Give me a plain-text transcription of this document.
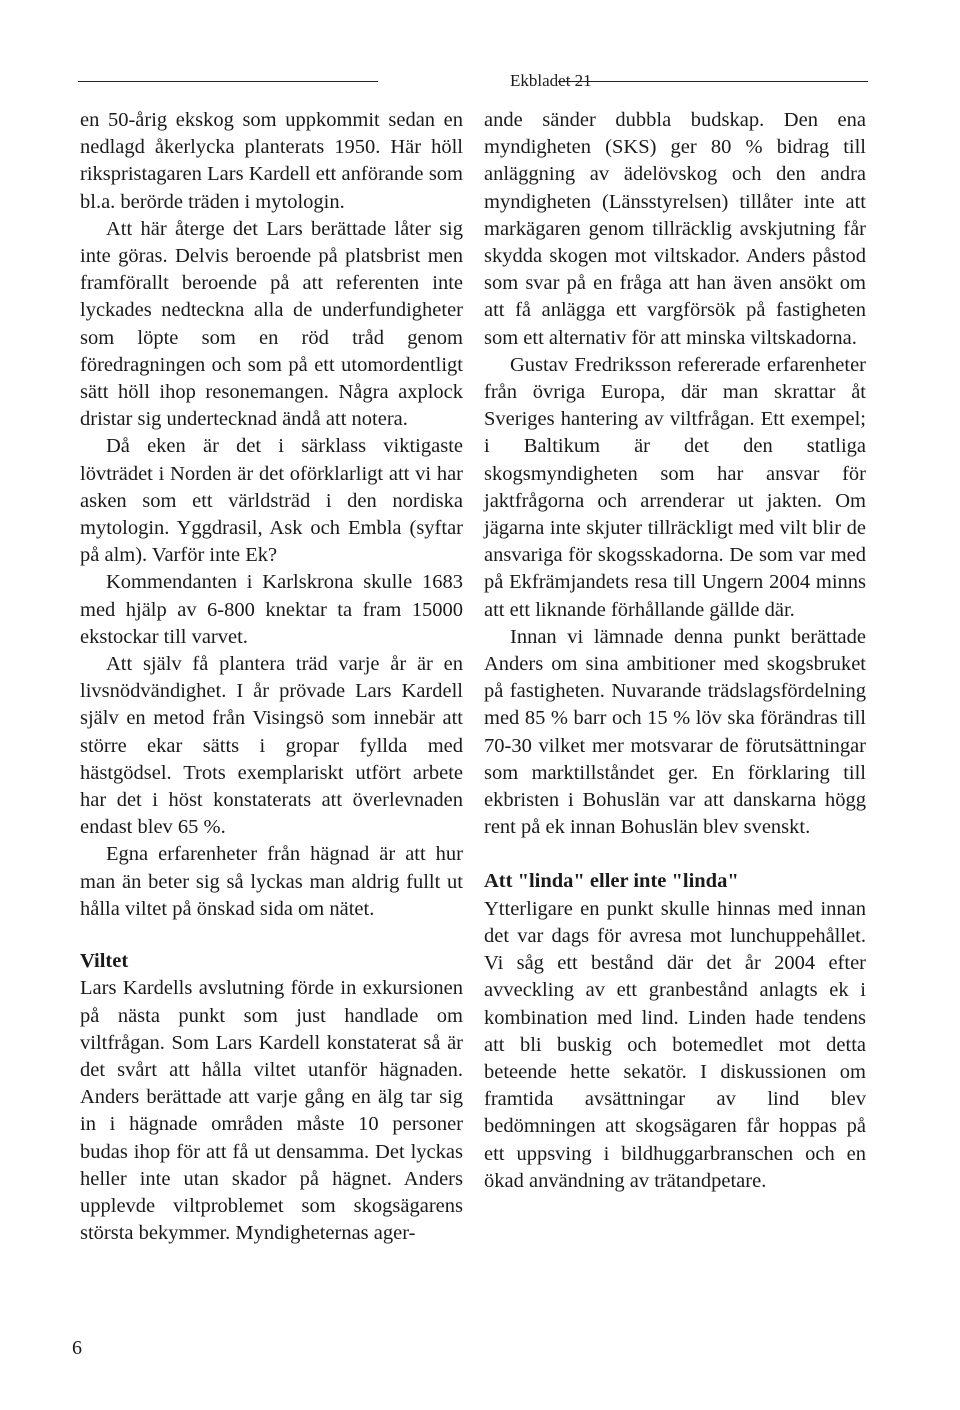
Ekbladet 21

en 50-årig ekskog som uppkommit sedan en nedlagd åkerlycka planterats 1950. Här höll rikspristagaren Lars Kardell ett anförande som bl.a. berörde träden i mytologin.

Att här återge det Lars berättade låter sig inte göras. Delvis beroende på platsbrist men framförallt beroende på att referenten inte lyckades nedteckna alla de underfundigheter som löpte som en röd tråd genom föredragningen och som på ett utomordentligt sätt höll ihop resonemangen. Några axplock dristar sig undertecknad ändå att notera.

Då eken är det i särklass viktigaste lövträdet i Norden är det oförklarligt att vi har asken som ett världsträd i den nordiska mytologin. Yggdrasil, Ask och Embla (syftar på alm). Varför inte Ek?

Kommendanten i Karlskrona skulle 1683 med hjälp av 6-800 knektar ta fram 15000 ekstockar till varvet.

Att själv få plantera träd varje år är en livsnödvändighet. I år prövade Lars Kardell själv en metod från Visingsö som innebär att större ekar sätts i gropar fyllda med hästgödsel. Trots exemplariskt utfört arbete har det i höst konstaterats att överlevnaden endast blev 65 %.

Egna erfarenheter från hägnad är att hur man än beter sig så lyckas man aldrig fullt ut hålla viltet på önskad sida om nätet.

Viltet

Lars Kardells avslutning förde in exkursionen på nästa punkt som just handlade om viltfrågan. Som Lars Kardell konstaterat så är det svårt att hålla viltet utanför hägnaden. Anders berättade att varje gång en älg tar sig in i hägnade områden måste 10 personer budas ihop för att få ut densamma. Det lyckas heller inte utan skador på hägnet. Anders upplevde viltproblemet som skogsägarens största bekymmer. Myndigheternas ager-

ande sänder dubbla budskap. Den ena myndigheten (SKS) ger 80 % bidrag till anläggning av ädelövskog och den andra myndigheten (Länsstyrelsen) tillåter inte att markägaren genom tillräcklig avskjutning får skydda skogen mot viltskador. Anders påstod som svar på en fråga att han även ansökt om att få anlägga ett vargförsök på fastigheten som ett alternativ för att minska viltskadorna.

Gustav Fredriksson refererade erfarenheter från övriga Europa, där man skrattar åt Sveriges hantering av viltfrågan. Ett exempel; i Baltikum är det den statliga skogsmyndigheten som har ansvar för jaktfrågorna och arrenderar ut jakten. Om jägarna inte skjuter tillräckligt med vilt blir de ansvariga för skogsskadorna. De som var med på Ekfrämjandets resa till Ungern 2004 minns att ett liknande förhållande gällde där.

Innan vi lämnade denna punkt berättade Anders om sina ambitioner med skogsbruket på fastigheten. Nuvarande trädslagsfördelning med 85 % barr och 15 % löv ska förändras till 70-30 vilket mer motsvarar de förutsättningar som marktillståndet ger. En förklaring till ekbristen i Bohuslän var att danskarna högg rent på ek innan Bohuslän blev svenskt.

Att "linda" eller inte "linda"

Ytterligare en punkt skulle hinnas med innan det var dags för avresa mot lunchuppehållet. Vi såg ett bestånd där det år 2004 efter avveckling av ett granbestånd anlagts ek i kombination med lind. Linden hade tendens att bli buskig och botemedlet mot detta beteende hette sekatör. I diskussionen om framtida avsättningar av lind blev bedömningen att skogsägaren får hoppas på ett uppsving i bildhuggarbranschen och en ökad användning av trätandpetare.

6
